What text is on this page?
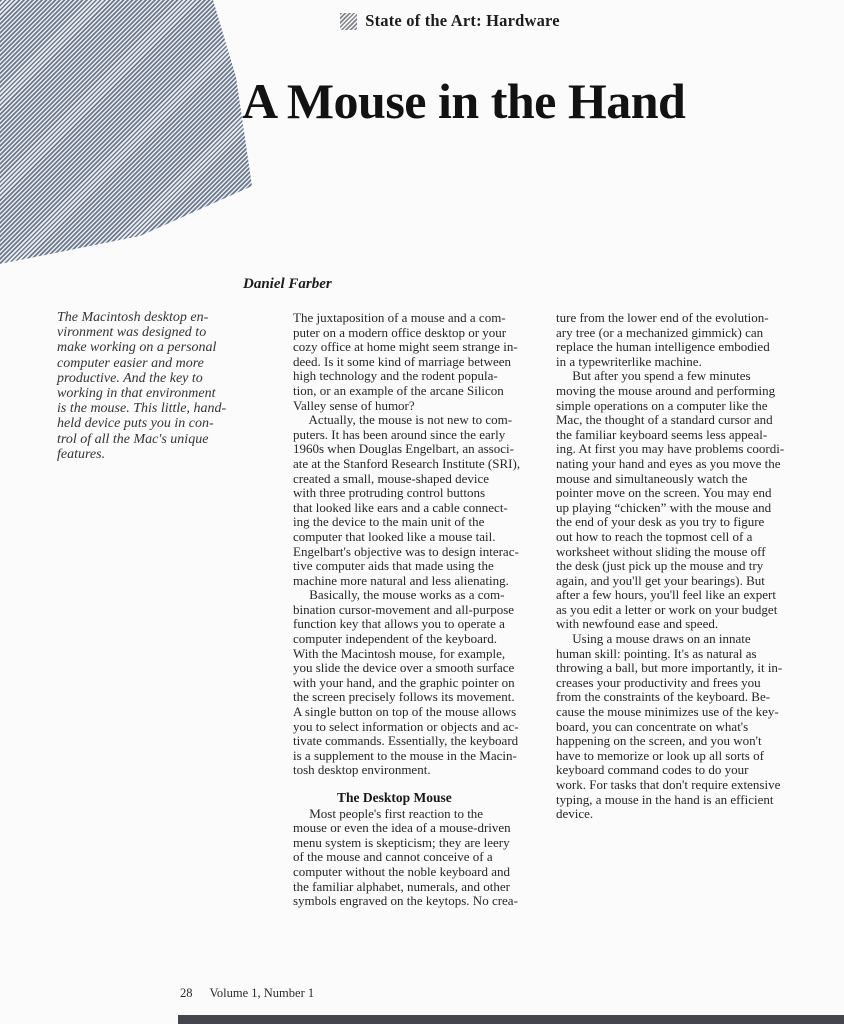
State of the Art: Hardware
A Mouse in the Hand
Daniel Farber
The Macintosh desktop en-
vironment was designed to
make working on a personal
computer easier and more
productive. And the key to
working in that environment
is the mouse. This little, hand-
held device puts you in con-
trol of all the Mac's unique
features.
The juxtaposition of a mouse and a com-
puter on a modern office desktop or your
cozy office at home might seem strange in-
deed. Is it some kind of marriage between
high technology and the rodent popula-
tion, or an example of the arcane Silicon
Valley sense of humor?
Actually, the mouse is not new to com-
puters. It has been around since the early
1960s when Douglas Engelbart, an associ-
ate at the Stanford Research Institute (SRI),
created a small, mouse-shaped device
with three protruding control buttons
that looked like ears and a cable connect-
ing the device to the main unit of the
computer that looked like a mouse tail.
Engelbart's objective was to design interac-
tive computer aids that made using the
machine more natural and less alienating.
Basically, the mouse works as a com-
bination cursor-movement and all-purpose
function key that allows you to operate a
computer independent of the keyboard.
With the Macintosh mouse, for example,
you slide the device over a smooth surface
with your hand, and the graphic pointer on
the screen precisely follows its movement.
A single button on top of the mouse allows
you to select information or objects and ac-
tivate commands. Essentially, the keyboard
is a supplement to the mouse in the Macin-
tosh desktop environment.
The Desktop Mouse
Most people's first reaction to the
mouse or even the idea of a mouse-driven
menu system is skepticism; they are leery
of the mouse and cannot conceive of a
computer without the noble keyboard and
the familiar alphabet, numerals, and other
symbols engraved on the keytops. No crea-
ture from the lower end of the evolution-
ary tree (or a mechanized gimmick) can
replace the human intelligence embodied
in a typewriterlike machine.
But after you spend a few minutes
moving the mouse around and performing
simple operations on a computer like the
Mac, the thought of a standard cursor and
the familiar keyboard seems less appeal-
ing. At first you may have problems coordi-
nating your hand and eyes as you move the
mouse and simultaneously watch the
pointer move on the screen. You may end
up playing “chicken” with the mouse and
the end of your desk as you try to figure
out how to reach the topmost cell of a
worksheet without sliding the mouse off
the desk (just pick up the mouse and try
again, and you'll get your bearings). But
after a few hours, you'll feel like an expert
as you edit a letter or work on your budget
with newfound ease and speed.
Using a mouse draws on an innate
human skill: pointing. It's as natural as
throwing a ball, but more importantly, it in-
creases your productivity and frees you
from the constraints of the keyboard. Be-
cause the mouse minimizes use of the key-
board, you can concentrate on what's
happening on the screen, and you won't
have to memorize or look up all sorts of
keyboard command codes to do your
work. For tasks that don't require extensive
typing, a mouse in the hand is an efficient
device.
28 Volume 1, Number 1
